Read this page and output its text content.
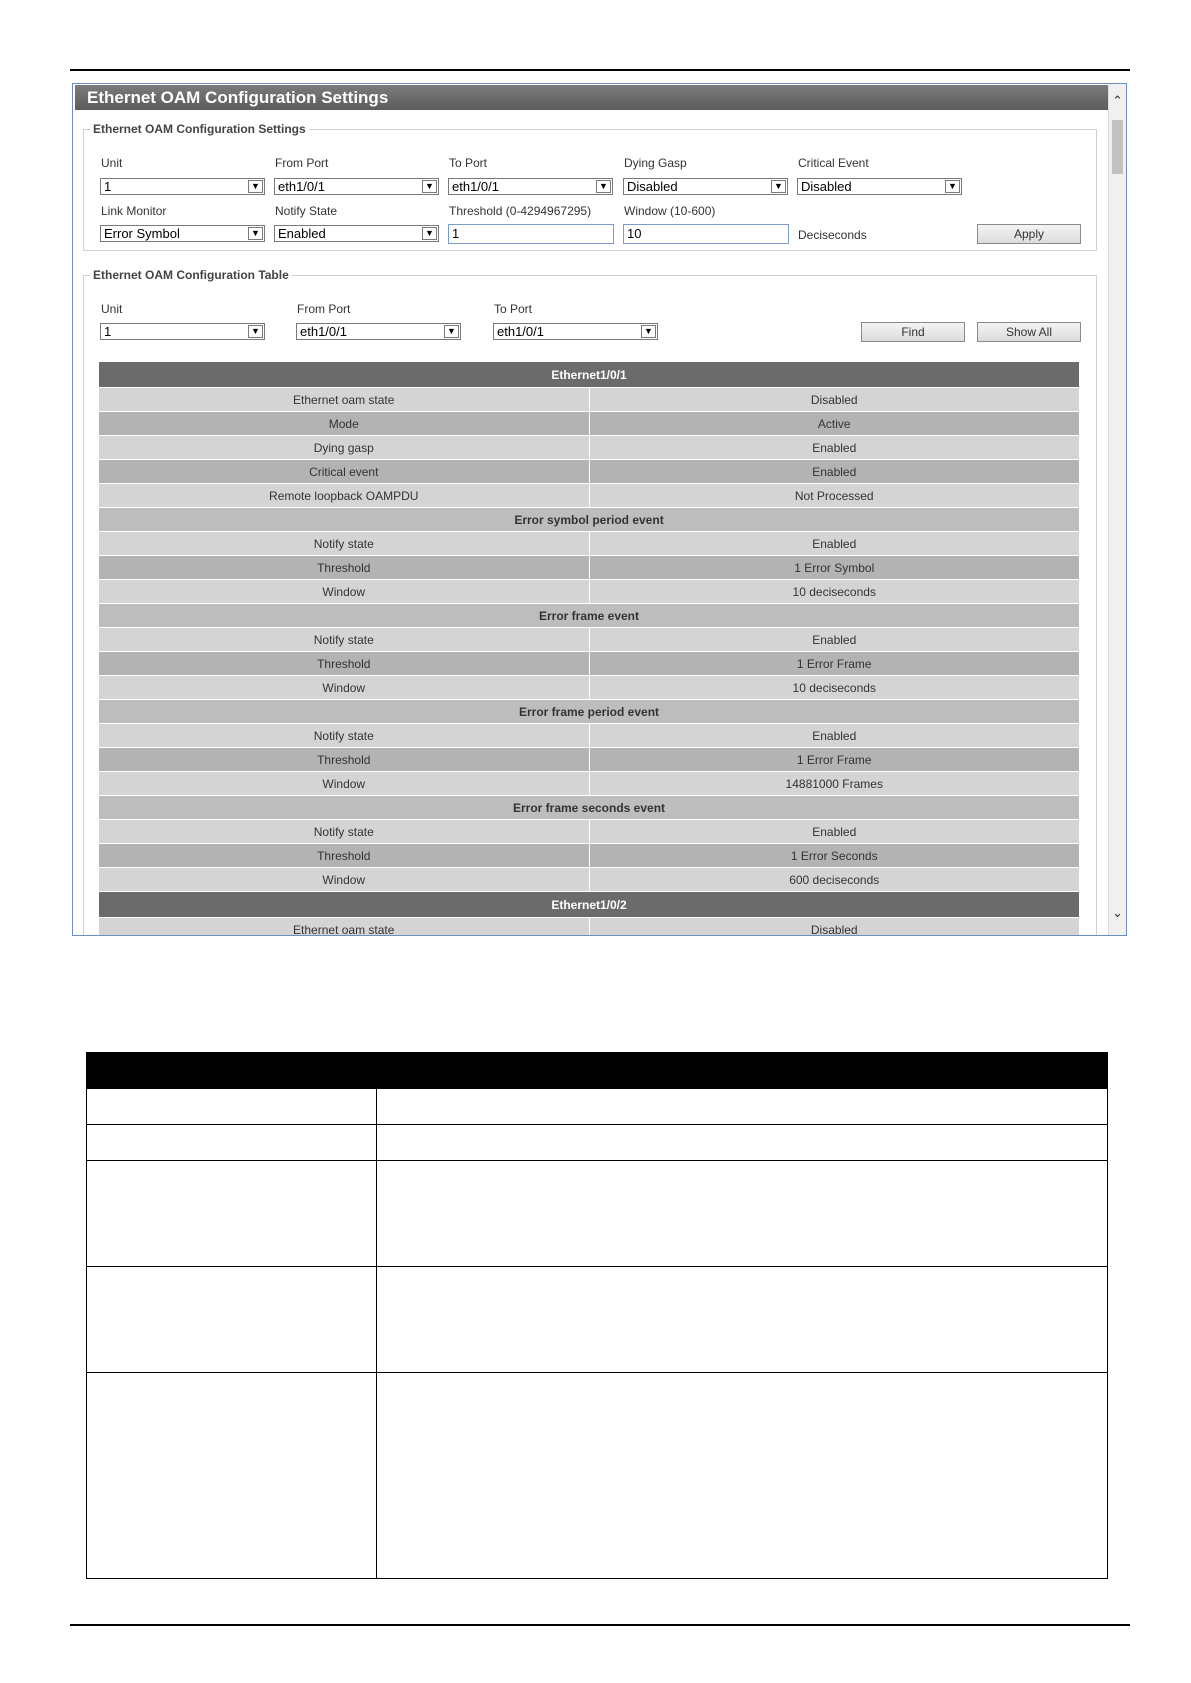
Ethernet OAM Configuration Settings	⌃
⌄
Ethernet OAM Configuration Settings
Unit	From Port	To Port	Dying Gasp	Critical Event
1	▼	eth1/0/1	▼	eth1/0/1	▼	Disabled	▼	Disabled	▼
Link Monitor	Notify State	Threshold (0-4294967295)	Window (10-600)
Error Symbol	▼	Enabled	▼	1	10	Deciseconds	Apply
Ethernet OAM Configuration Table
Unit	From Port	To Port
1	▼	eth1/0/1	▼	eth1/0/1	▼	Find	Show All
Ethernet1/0/1	
Ethernet oam state	Disabled
Mode	Active
Dying gasp	Enabled
Critical event	Enabled
Remote loopback OAMPDU	Not Processed
Error symbol period event	
Notify state	Enabled
Threshold	1 Error Symbol
Window	10 deciseconds
Error frame event	
Notify state	Enabled
Threshold	1 Error Frame
Window	10 deciseconds
Error frame period event	
Notify state	Enabled
Threshold	1 Error Frame
Window	14881000 Frames
Error frame seconds event	
Notify state	Enabled
Threshold	1 Error Seconds
Window	600 deciseconds
Ethernet1/0/2	
Ethernet oam state	Disabled
